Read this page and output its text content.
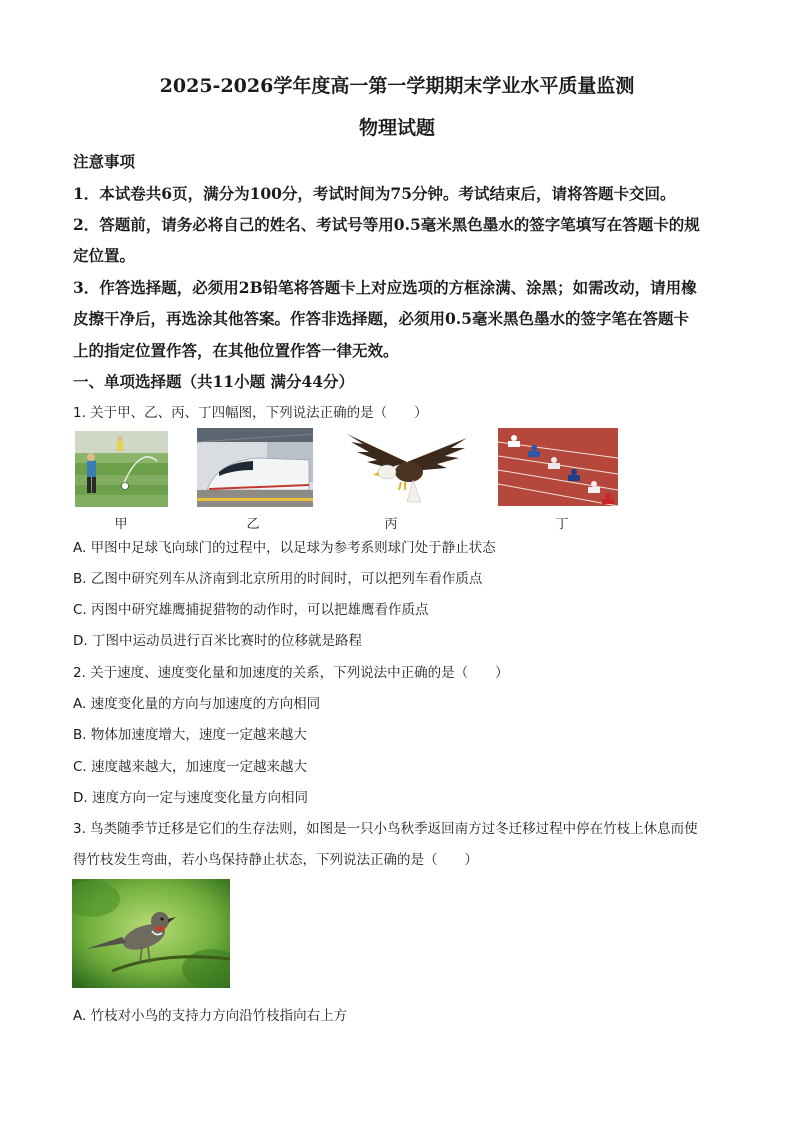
2025-2026学年度高一第一学期期末学业水平质量监测
物理试题
注意事项
1．本试卷共6页，满分为100分，考试时间为75分钟。考试结束后，请将答题卡交回。
2．答题前，请务必将自己的姓名、考试号等用0.5毫米黑色墨水的签字笔填写在答题卡的规
定位置。
3．作答选择题，必须用2B铅笔将答题卡上对应选项的方框涂满、涂黑；如需改动，请用橡
皮擦干净后，再选涂其他答案。作答非选择题，必须用0.5毫米黑色墨水的签字笔在答题卡
上的指定位置作答，在其他位置作答一律无效。
一、单项选择题（共11小题 满分44分）
1. 关于甲、乙、丙、丁四幅图，下列说法正确的是（　　）
甲	乙	丙	丁
A. 甲图中足球飞向球门的过程中，以足球为参考系则球门处于静止状态
B. 乙图中研究列车从济南到北京所用的时间时，可以把列车看作质点
C. 丙图中研究雄鹰捕捉猎物的动作时，可以把雄鹰看作质点
D. 丁图中运动员进行百米比赛时的位移就是路程
2. 关于速度、速度变化量和加速度的关系，下列说法中正确的是（　　）
A. 速度变化量的方向与加速度的方向相同
B. 物体加速度增大，速度一定越来越大
C. 速度越来越大，加速度一定越来越大
D. 速度方向一定与速度变化量方向相同
3. 鸟类随季节迁移是它们的生存法则，如图是一只小鸟秋季返回南方过冬迁移过程中停在竹枝上休息而使
得竹枝发生弯曲，若小鸟保持静止状态，下列说法正确的是（　　）
A. 竹枝对小鸟的支持力方向沿竹枝指向右上方
